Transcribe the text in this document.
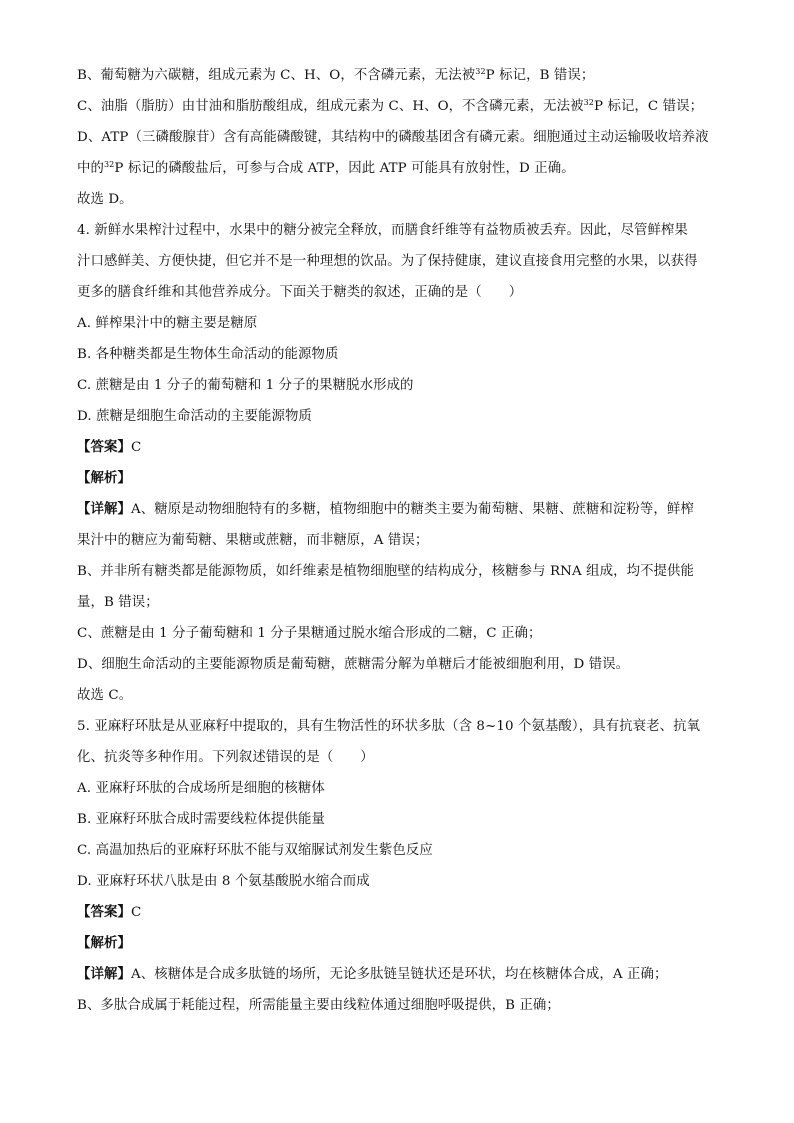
B、葡萄糖为六碳糖，组成元素为 C、H、O，不含磷元素，无法被$^{32}$P 标记，B 错误；
C、油脂（脂肪）由甘油和脂肪酸组成，组成元素为 C、H、O，不含磷元素，无法被$^{32}$P 标记，C 错误；
D、ATP（三磷酸腺苷）含有高能磷酸键，其结构中的磷酸基团含有磷元素。细胞通过主动运输吸收培养液
中的$^{32}$P 标记的磷酸盐后，可参与合成 ATP，因此 ATP 可能具有放射性，D 正确。
故选 D。
4. 新鲜水果榨汁过程中，水果中的糖分被完全释放，而膳食纤维等有益物质被丢弃。因此，尽管鲜榨果
汁口感鲜美、方便快捷，但它并不是一种理想的饮品。为了保持健康，建议直接食用完整的水果，以获得
更多的膳食纤维和其他营养成分。下面关于糖类的叙述，正确的是（　　）
A. 鲜榨果汁中的糖主要是糖原
B. 各种糖类都是生物体生命活动的能源物质
C. 蔗糖是由 1 分子的葡萄糖和 1 分子的果糖脱水形成的
D. 蔗糖是细胞生命活动的主要能源物质
【答案】C
【解析】
【详解】A、糖原是动物细胞特有的多糖，植物细胞中的糖类主要为葡萄糖、果糖、蔗糖和淀粉等，鲜榨
果汁中的糖应为葡萄糖、果糖或蔗糖，而非糖原，A 错误；
B、并非所有糖类都是能源物质，如纤维素是植物细胞壁的结构成分，核糖参与 RNA 组成，均不提供能
量，B 错误；
C、蔗糖是由 1 分子葡萄糖和 1 分子果糖通过脱水缩合形成的二糖，C 正确；
D、细胞生命活动的主要能源物质是葡萄糖，蔗糖需分解为单糖后才能被细胞利用，D 错误。
故选 C。
5. 亚麻籽环肽是从亚麻籽中提取的，具有生物活性的环状多肽（含 8~10 个氨基酸），具有抗衰老、抗氧
化、抗炎等多种作用。下列叙述错误的是（　　）
A. 亚麻籽环肽的合成场所是细胞的核糖体
B. 亚麻籽环肽合成时需要线粒体提供能量
C. 高温加热后的亚麻籽环肽不能与双缩脲试剂发生紫色反应
D. 亚麻籽环状八肽是由 8 个氨基酸脱水缩合而成
【答案】C
【解析】
【详解】A、核糖体是合成多肽链的场所，无论多肽链呈链状还是环状，均在核糖体合成，A 正确；
B、多肽合成属于耗能过程，所需能量主要由线粒体通过细胞呼吸提供，B 正确；
